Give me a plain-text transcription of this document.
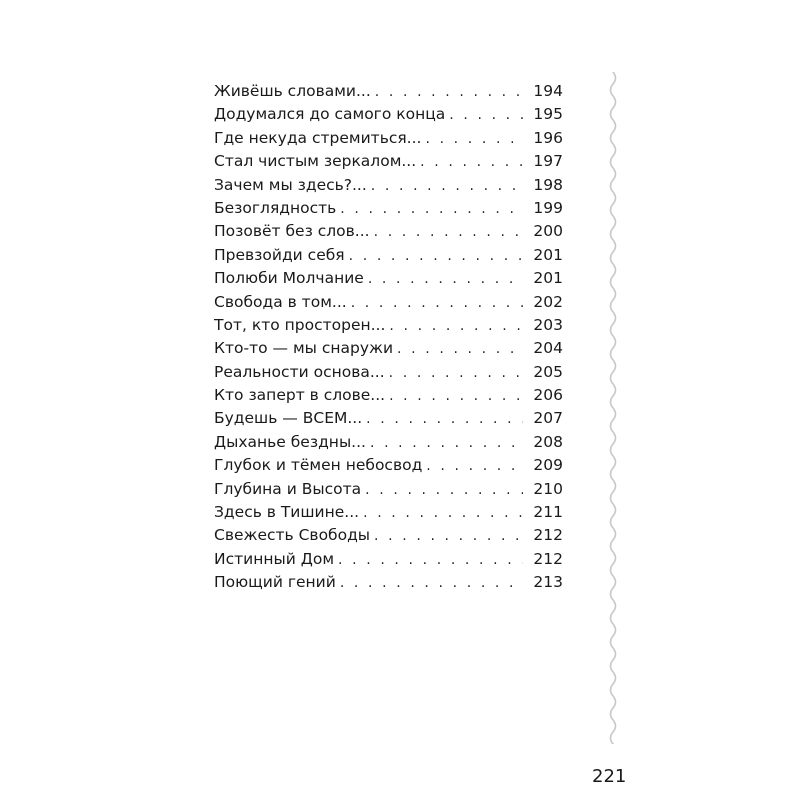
Живёшь словами... . . .	194
Додумался до самого конца . . .	195
Где некуда стремиться... . . .	196
Стал чистым зеркалом... . . .	197
Зачем мы здесь?... . . .	198
Безоглядность . . .	199
Позовёт без слов... . . .	200
Превзойди себя . . .	201
Полюби Молчание . . .	201
Свобода в том... . . .	202
Тот, кто просторен... . . .	203
Кто-то — мы снаружи . . .	204
Реальности основа... . . .	205
Кто заперт в слове... . . .	206
Будешь — ВСЕМ... . . .	207
Дыханье бездны... . . .	208
Глубок и тёмен небосвод . . .	209
Глубина и Высота . . .	210
Здесь в Тишине... . . .	211
Свежесть Свободы . . .	212
Истинный Дом . . .	212
Поющий гений . . .	213
221
